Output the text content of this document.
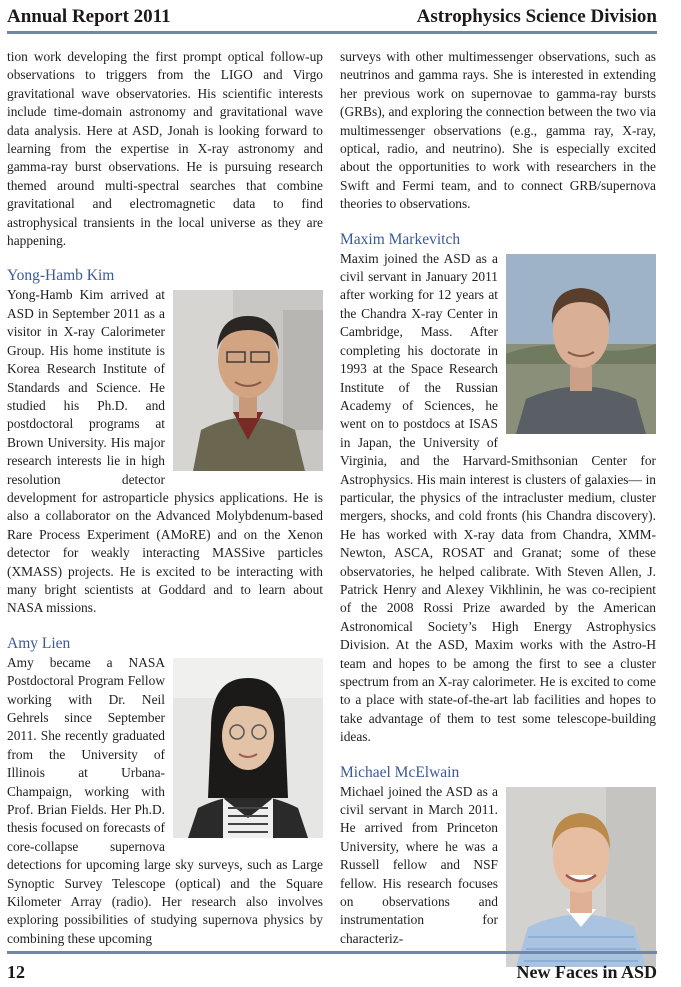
Annual Report 2011	Astrophysics Science Division

tion work developing the first prompt optical follow-up observations to triggers from the LIGO and Virgo gravitational wave observatories. His scientific interests include time-domain astronomy and gravitational wave data analysis. Here at ASD, Jonah is looking forward to learning from the expertise in X-ray astronomy and gamma-ray burst observations. He is pursuing research themed around multi-spectral searches that combine gravitational and electromagnetic data to find astrophysical transients in the local universe as they are happening.

Yong-Hamb Kim

Yong-Hamb Kim arrived at ASD in September 2011 as a visitor in X-ray Calorimeter Group. His home institute is Korea Research Institute of Standards and Science. He studied his Ph.D. and postdoctoral programs at Brown University. His major research interests lie in high resolution detector development for astroparticle physics applications. He is also a collaborator on the Advanced Molybdenum-based Rare Process Experiment (AMoRE) and on the Xenon detector for weakly interacting MASSive particles (XMASS) projects. He is excited to be interacting with many bright scientists at Goddard and to learn about NASA missions.

Amy Lien

Amy became a NASA Postdoctoral Program Fellow working with Dr. Neil Gehrels since September 2011. She recently graduated from the University of Illinois at Urbana-Champaign, working with Prof. Brian Fields. Her Ph.D. thesis focused on forecasts of core-collapse supernova detections for upcoming large sky surveys, such as Large Synoptic Survey Telescope (optical) and the Square Kilometer Array (radio). Her research also involves exploring possibilities of studying supernova physics by combining these upcoming

surveys with other multimessenger observations, such as neutrinos and gamma rays. She is interested in extending her previous work on supernovae to gamma-ray bursts (GRBs), and exploring the connection between the two via multimessenger observations (e.g., gamma ray, X-ray, optical, radio, and neutrino). She is especially excited about the opportunities to work with researchers in the Swift and Fermi team, and to connect GRB/supernova theories to observations.

Maxim Markevitch

Maxim joined the ASD as a civil servant in January 2011 after working for 12 years at the Chandra X-ray Center in Cambridge, Mass. After completing his doctorate in 1993 at the Space Research Institute of the Russian Academy of Sciences, he went on to postdocs at ISAS in Japan, the University of Virginia, and the Harvard-Smithsonian Center for Astrophysics. His main interest is clusters of galaxies— in particular, the physics of the intracluster medium, cluster mergers, shocks, and cold fronts (his Chandra discovery). He has worked with X-ray data from Chandra, XMM-Newton, ASCA, ROSAT and Granat; some of these observatories, he helped calibrate. With Steven Allen, J. Patrick Henry and Alexey Vikhlinin, he was co-recipient of the 2008 Rossi Prize awarded by the American Astronomical Society’s High Energy Astrophysics Division. At the ASD, Maxim works with the Astro-H team and hopes to be among the first to see a cluster spectrum from an X-ray calorimeter. He is excited to come to a place with state-of-the-art lab facilities and hopes to take advantage of them to test some telescope-building ideas.

Michael McElwain

Michael joined the ASD as a civil servant in March 2011. He arrived from Princeton University, where he was a Russell fellow and NSF fellow. His research focuses on observations and instrumentation for characteriz-

12	New Faces in ASD
